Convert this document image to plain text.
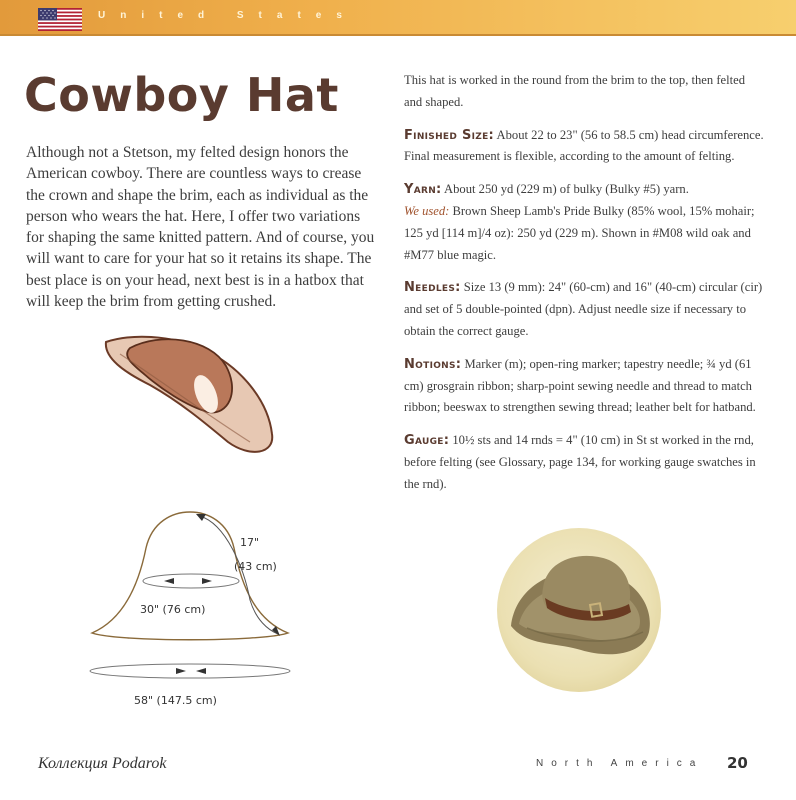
United States
Cowboy Hat

Although not a Stetson, my felted design honors the American cowboy. There are countless ways to crease the crown and shape the brim, each as individual as the person who wears the hat. Here, I offer two variations for shaping the same knitted pattern. And of course, you will want to care for your hat so it retains its shape. The best place is on your head, next best is in a hatbox that will keep the brim from getting crushed.

17"
(43 cm)
30" (76 cm)
58" (147.5 cm)

This hat is worked in the round from the brim to the top, then felted and shaped.

Finished Size: About 22 to 23" (56 to 58.5 cm) head circumference. Final measurement is flexible, according to the amount of felting.

Yarn: About 250 yd (229 m) of bulky (Bulky #5) yarn.
We used: Brown Sheep Lamb's Pride Bulky (85% wool, 15% mohair; 125 yd [114 m]/4 oz): 250 yd (229 m). Shown in #M08 wild oak and #M77 blue magic.

Needles: Size 13 (9 mm): 24" (60-cm) and 16" (40-cm) circular (cir) and set of 5 double-pointed (dpn). Adjust needle size if necessary to obtain the correct gauge.

Notions: Marker (m); open-ring marker; tapestry needle; ¾ yd (61 cm) grosgrain ribbon; sharp-point sewing needle and thread to match ribbon; beeswax to strengthen sewing thread; leather belt for hatband.

Gauge: 10½ sts and 14 rnds = 4" (10 cm) in St st worked in the rnd, before felting (see Glossary, page 134, for working gauge swatches in the rnd).

Коллекция Podarok	North America 20
